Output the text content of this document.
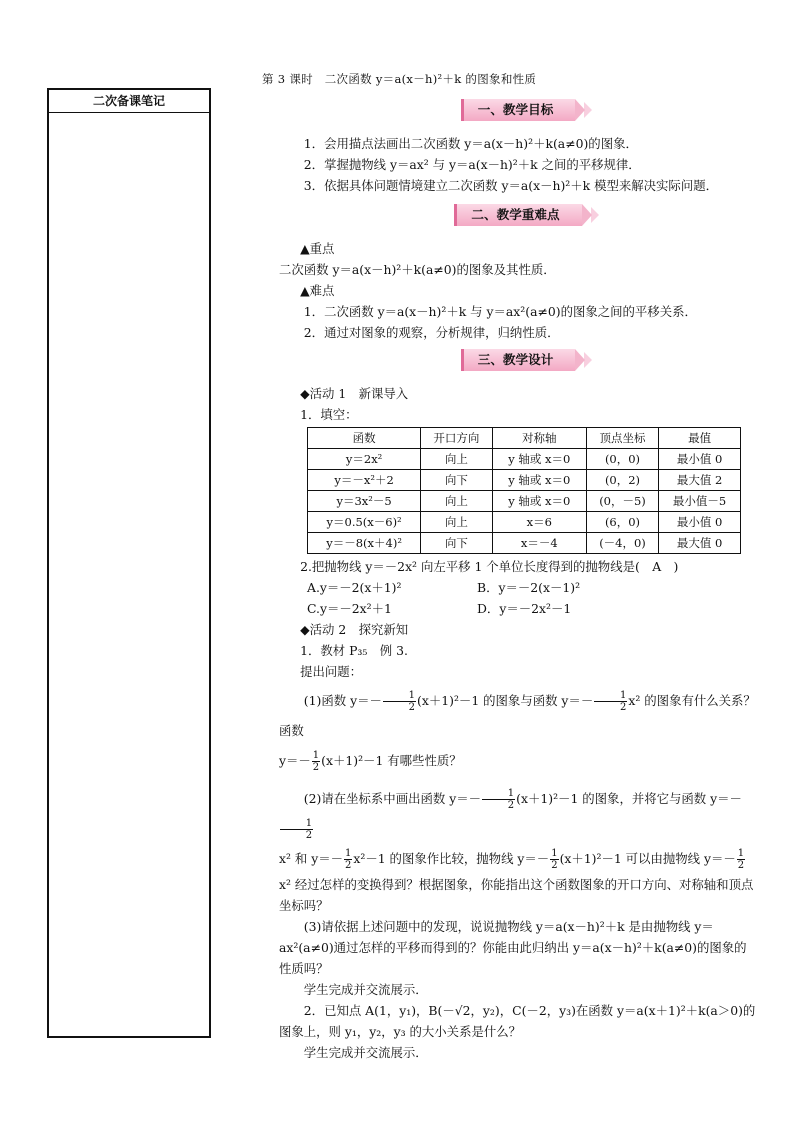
第 3 课时　二次函数 y＝a(x－h)²＋k 的图象和性质
二次备课笔记
一、教学目标

1．会用描点法画出二次函数 y＝a(x－h)²＋k(a≠0)的图象．

2．掌握抛物线 y＝ax² 与 y＝a(x－h)²＋k 之间的平移规律．

3．依据具体问题情境建立二次函数 y＝a(x－h)²＋k 模型来解决实际问题．

二、教学重难点

▲重点

二次函数 y＝a(x－h)²＋k(a≠0)的图象及其性质．

▲难点

1．二次函数 y＝a(x－h)²＋k 与 y＝ax²(a≠0)的图象之间的平移关系．

2．通过对图象的观察，分析规律，归纳性质．

三、教学设计

◆活动 1　新课导入

1．填空：

函数	开口方向	对称轴	顶点坐标	最值
y＝2x²	向上	y 轴或 x＝0	(0，0)	最小值 0
y＝－x²＋2	向下	y 轴或 x＝0	(0，2)	最大值 2
y＝3x²－5	向上	y 轴或 x＝0	(0，－5)	最小值－5
y＝0.5(x－6)²	向上	x＝6	(6，0)	最小值 0
y＝－8(x＋4)²	向下	x＝－4	(－4，0)	最大值 0

2.把抛物线 y＝－2x² 向左平移 1 个单位长度得到的抛物线是(　A　)

A.y＝－2(x＋1)²	B．y＝－2(x－1)²
C.y＝－2x²＋1	D．y＝－2x²－1

◆活动 2　探究新知

1．教材 P₃₅　例 3.

提出问题：

(1)函数 $y=- \frac{1}{2} (x+1)^2-1$ 的图象与函数 $y=- \frac{1}{2} x^2$ 的图象有什么关系？函数

$y=- \frac{1}{2} (x+1)^2-1$ 有哪些性质？

(2)请在坐标系中画出函数 $y=- \frac{1}{2} (x+1)^2-1$ 的图象，并将它与函数 y＝－
$\frac{1}{2}$

x² 和 $y=- \frac{1}{2} x^2-1$ 的图象作比较，抛物线 $y=- \frac{1}{2} (x+1)^2-1$ 可以由抛物线 $y=- \frac{1}{2}$

x² 经过怎样的变换得到？根据图象，你能指出这个函数图象的开口方向、对称轴和顶点坐标吗？

(3)请依据上述问题中的发现，说说抛物线 y＝a(x－h)²＋k 是由抛物线 y＝ax²(a≠0)通过怎样的平移而得到的？你能由此归纳出 y＝a(x－h)²＋k(a≠0)的图象的性质吗？

学生完成并交流展示．

2．已知点 A(1，y₁)，B(－√2，y₂)，C(－2，y₃)在函数 y＝a(x＋1)²＋k(a＞0)的图象上，则 y₁，y₂，y₃ 的大小关系是什么？

学生完成并交流展示．
